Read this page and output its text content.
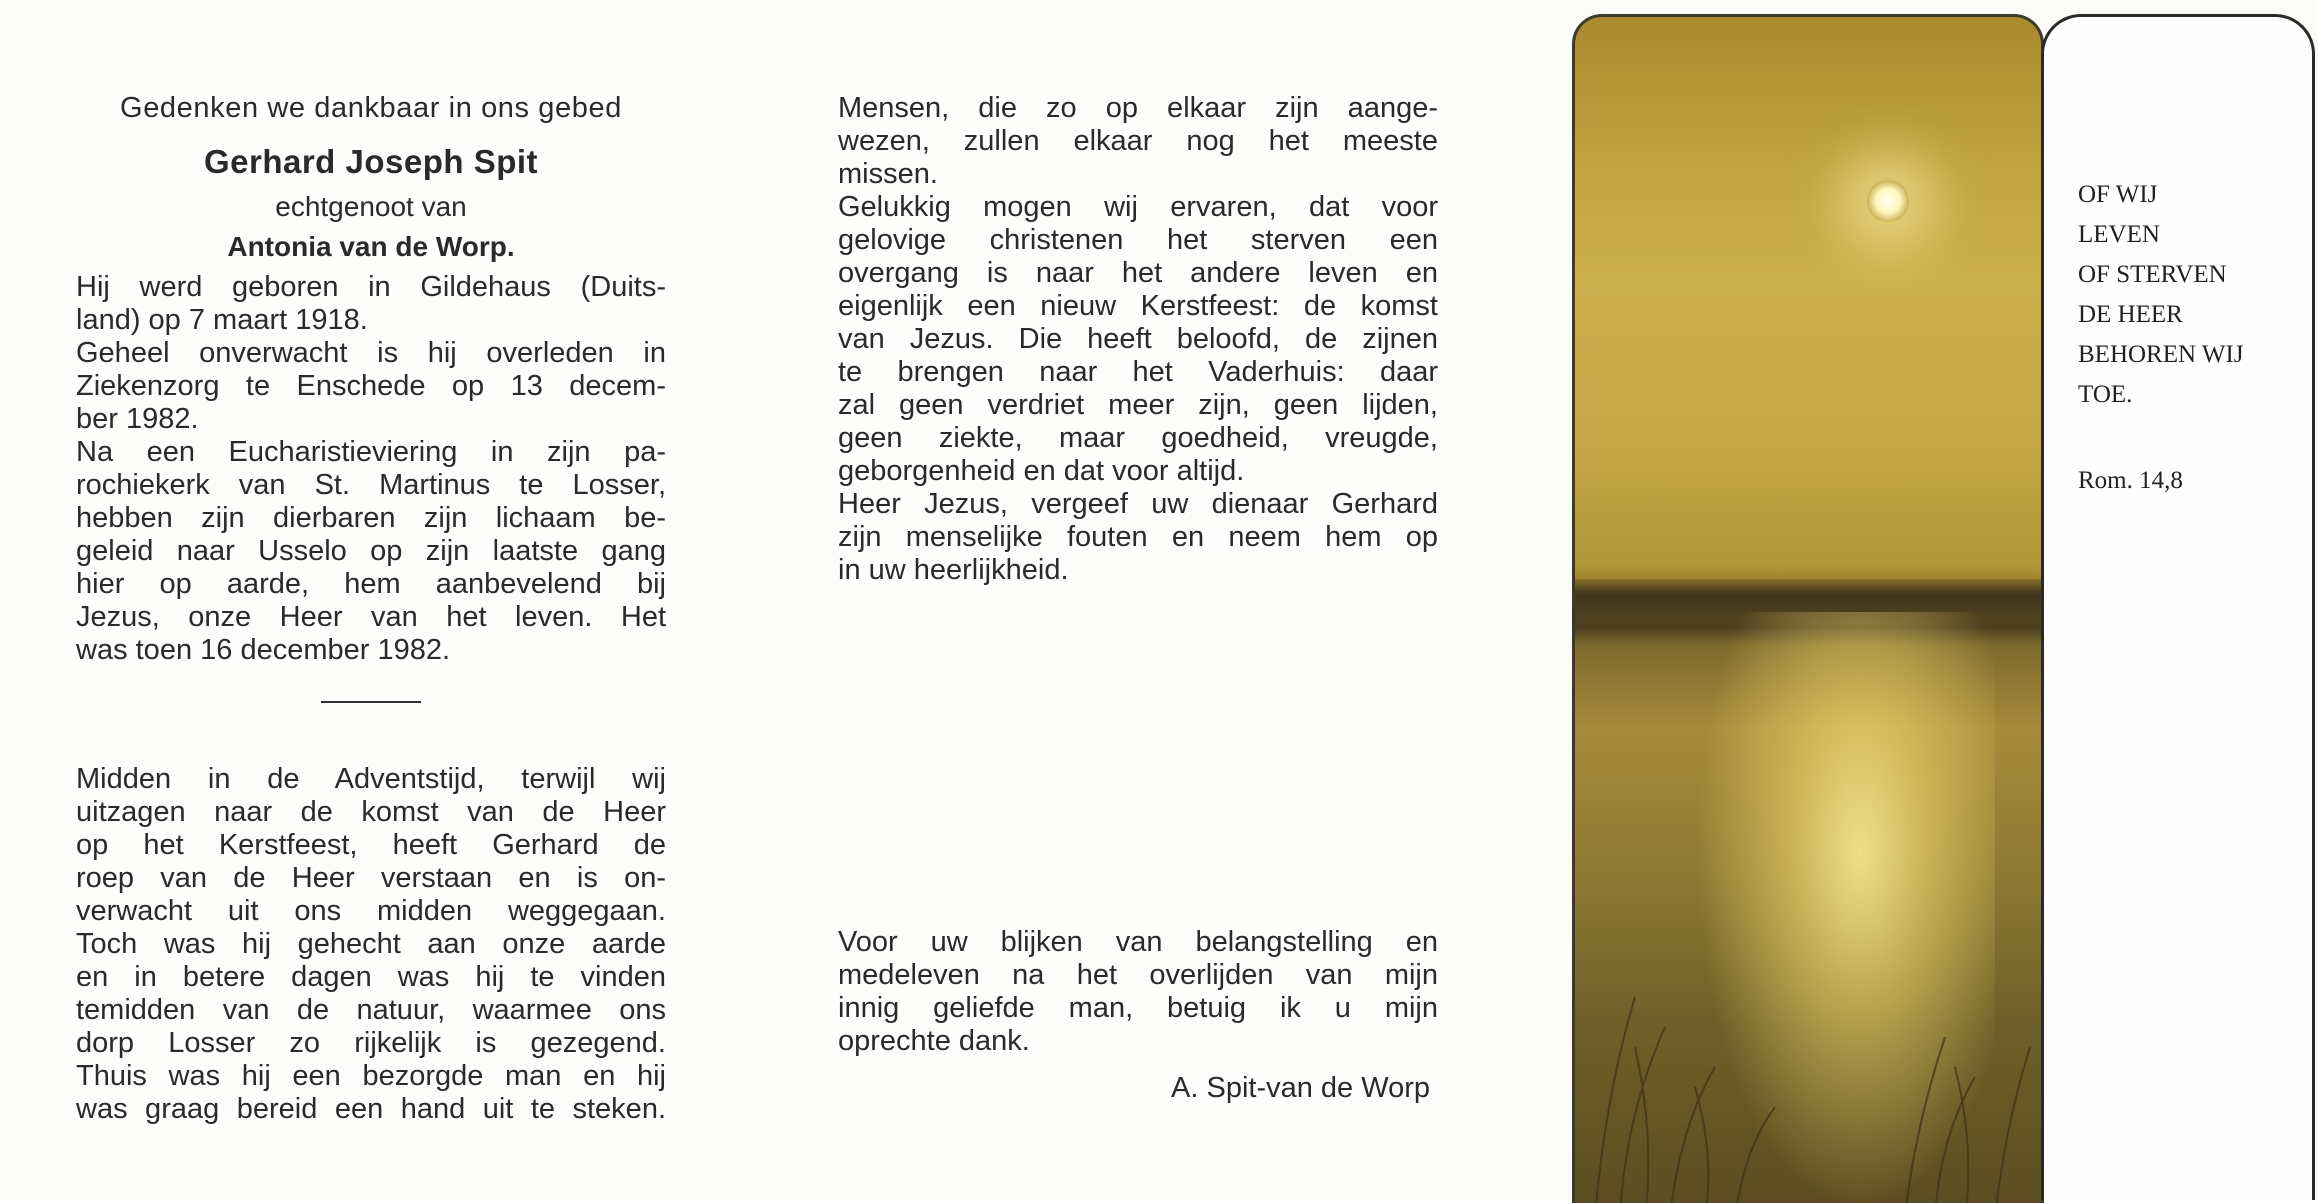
Gedenken we dankbaar in ons gebed

Gerhard Joseph Spit

echtgenoot van

Antonia van de Worp.

Hij werd geboren in Gildehaus (Duits-
land) op 7 maart 1918.
Geheel onverwacht is hij overleden in
Ziekenzorg te Enschede op 13 decem-
ber 1982.
Na een Eucharistieviering in zijn pa-
rochiekerk van St. Martinus te Losser,
hebben zijn dierbaren zijn lichaam be-
geleid naar Usselo op zijn laatste gang
hier op aarde, hem aanbevelend bij
Jezus, onze Heer van het leven. Het
was toen 16 december 1982.
Midden in de Adventstijd, terwijl wij
uitzagen naar de komst van de Heer
op het Kerstfeest, heeft Gerhard de
roep van de Heer verstaan en is on-
verwacht uit ons midden weggegaan.
Toch was hij gehecht aan onze aarde
en in betere dagen was hij te vinden
temidden van de natuur, waarmee ons
dorp Losser zo rijkelijk is gezegend.
Thuis was hij een bezorgde man en hij
was graag bereid een hand uit te steken.
Mensen, die zo op elkaar zijn aange-
wezen, zullen elkaar nog het meeste
missen.
Gelukkig mogen wij ervaren, dat voor
gelovige christenen het sterven een
overgang is naar het andere leven en
eigenlijk een nieuw Kerstfeest: de komst
van Jezus. Die heeft beloofd, de zijnen
te brengen naar het Vaderhuis: daar
zal geen verdriet meer zijn, geen lijden,
geen ziekte, maar goedheid, vreugde,
geborgenheid en dat voor altijd.
Heer Jezus, vergeef uw dienaar Gerhard
zijn menselijke fouten en neem hem op
in uw heerlijkheid.
Voor uw blijken van belangstelling en
medeleven na het overlijden van mijn
innig geliefde man, betuig ik u mijn
oprechte dank.
A. Spit-van de Worp
OF WIJ
LEVEN
OF STERVEN
DE HEER
BEHOREN WIJ
TOE.
Rom. 14,8
